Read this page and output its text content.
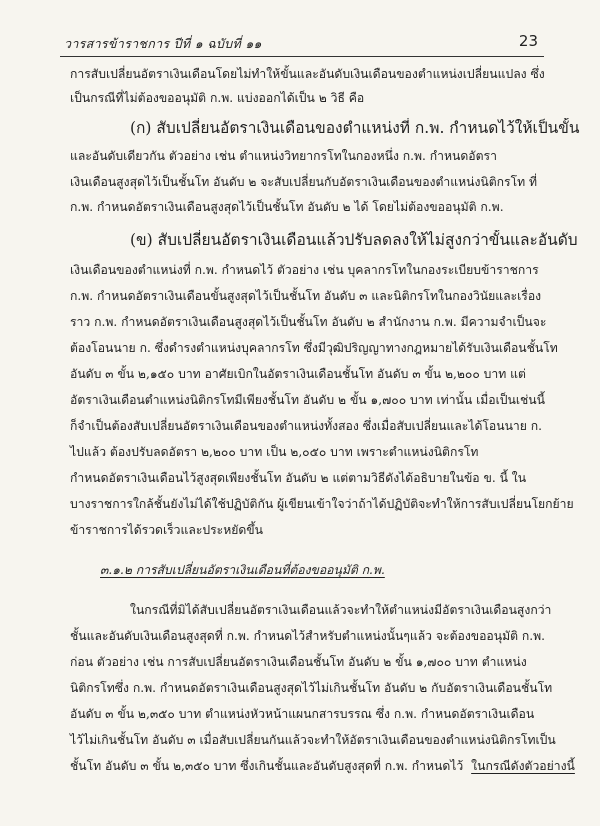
วารสารข้าราชการ ปีที่ ๑ ฉบับที่ ๑๑	23
การสับเปลี่ยนอัตราเงินเดือนโดยไม่ทำให้ขั้นและอันดับเงินเดือนของตำแหน่งเปลี่ยนแปลง ซึ่ง
เป็นกรณีที่ไม่ต้องขออนุมัติ ก.พ. แบ่งออกได้เป็น ๒ วิธี คือ
(ก) สับเปลี่ยนอัตราเงินเดือนของตำแหน่งที่ ก.พ. กำหนดไว้ให้เป็นขั้น
และอันดับเดียวกัน ตัวอย่าง เช่น ตำแหน่งวิทยากรโทในกองหนึ่ง ก.พ. กำหนดอัตรา
เงินเดือนสูงสุดไว้เป็นชั้นโท อันดับ ๒ จะสับเปลี่ยนกับอัตราเงินเดือนของตำแหน่งนิติกรโท ที่
ก.พ. กำหนดอัตราเงินเดือนสูงสุดไว้เป็นชั้นโท อันดับ ๒ ได้ โดยไม่ต้องขออนุมัติ ก.พ.
(ข) สับเปลี่ยนอัตราเงินเดือนแล้วปรับลดลงให้ไม่สูงกว่าขั้นและอันดับ
เงินเดือนของตำแหน่งที่ ก.พ. กำหนดไว้ ตัวอย่าง เช่น บุคลากรโทในกองระเบียบข้าราชการ
ก.พ. กำหนดอัตราเงินเดือนขั้นสูงสุดไว้เป็นชั้นโท อันดับ ๓ และนิติกรโทในกองวินัยและเรื่อง
ราว ก.พ. กำหนดอัตราเงินเดือนสูงสุดไว้เป็นชั้นโท อันดับ ๒ สำนักงาน ก.พ. มีความจำเป็นจะ
ต้องโอนนาย ก. ซึ่งดำรงตำแหน่งบุคลากรโท ซึ่งมีวุฒิปริญญาทางกฎหมายได้รับเงินเดือนชั้นโท
อันดับ ๓ ขั้น ๒,๑๕๐ บาท อาศัยเบิกในอัตราเงินเดือนชั้นโท อันดับ ๓ ขั้น ๒,๒๐๐ บาท แต่
อัตราเงินเดือนตำแหน่งนิติกรโทมีเพียงชั้นโท อันดับ ๒ ขั้น ๑,๗๐๐ บาท เท่านั้น เมื่อเป็นเช่นนี้
ก็จำเป็นต้องสับเปลี่ยนอัตราเงินเดือนของตำแหน่งทั้งสอง ซึ่งเมื่อสับเปลี่ยนและได้โอนนาย ก.
ไปแล้ว ต้องปรับลดอัตรา ๒,๒๐๐ บาท เป็น ๒,๐๕๐ บาท เพราะตำแหน่งนิติกรโท
กำหนดอัตราเงินเดือนไว้สูงสุดเพียงชั้นโท อันดับ ๒ แต่ตามวิธีดังได้อธิบายในข้อ ข. นี้ ใน
บางราชการใกล้ชั้นยังไม่ได้ใช้ปฏิบัติกัน ผู้เขียนเข้าใจว่าถ้าได้ปฏิบัติจะทำให้การสับเปลี่ยนโยกย้าย
ข้าราชการได้รวดเร็วและประหยัดขึ้น
๓.๑.๒ การสับเปลี่ยนอัตราเงินเดือนที่ต้องขออนุมัติ ก.พ.
ในกรณีที่มิได้สับเปลี่ยนอัตราเงินเดือนแล้วจะทำให้ตำแหน่งมีอัตราเงินเดือนสูงกว่า
ชั้นและอันดับเงินเดือนสูงสุดที่ ก.พ. กำหนดไว้สำหรับตำแหน่งนั้นๆแล้ว จะต้องขออนุมัติ ก.พ.
ก่อน ตัวอย่าง เช่น การสับเปลี่ยนอัตราเงินเดือนชั้นโท อันดับ ๒ ขั้น ๑,๗๐๐ บาท ตำแหน่ง
นิติกรโทซึ่ง ก.พ. กำหนดอัตราเงินเดือนสูงสุดไว้ไม่เกินชั้นโท อันดับ ๒ กับอัตราเงินเดือนชั้นโท
อันดับ ๓ ขั้น ๒,๓๕๐ บาท ตำแหน่งหัวหน้าแผนกสารบรรณ ซึ่ง ก.พ. กำหนดอัตราเงินเดือน
ไว้ไม่เกินชั้นโท อันดับ ๓ เมื่อสับเปลี่ยนกันแล้วจะทำให้อัตราเงินเดือนของตำแหน่งนิติกรโทเป็น
ชั้นโท อันดับ ๓ ขั้น ๒,๓๕๐ บาท ซึ่งเกินชั้นและอันดับสูงสุดที่ ก.พ. กำหนดไว้ ในกรณีดังตัวอย่างนี้
